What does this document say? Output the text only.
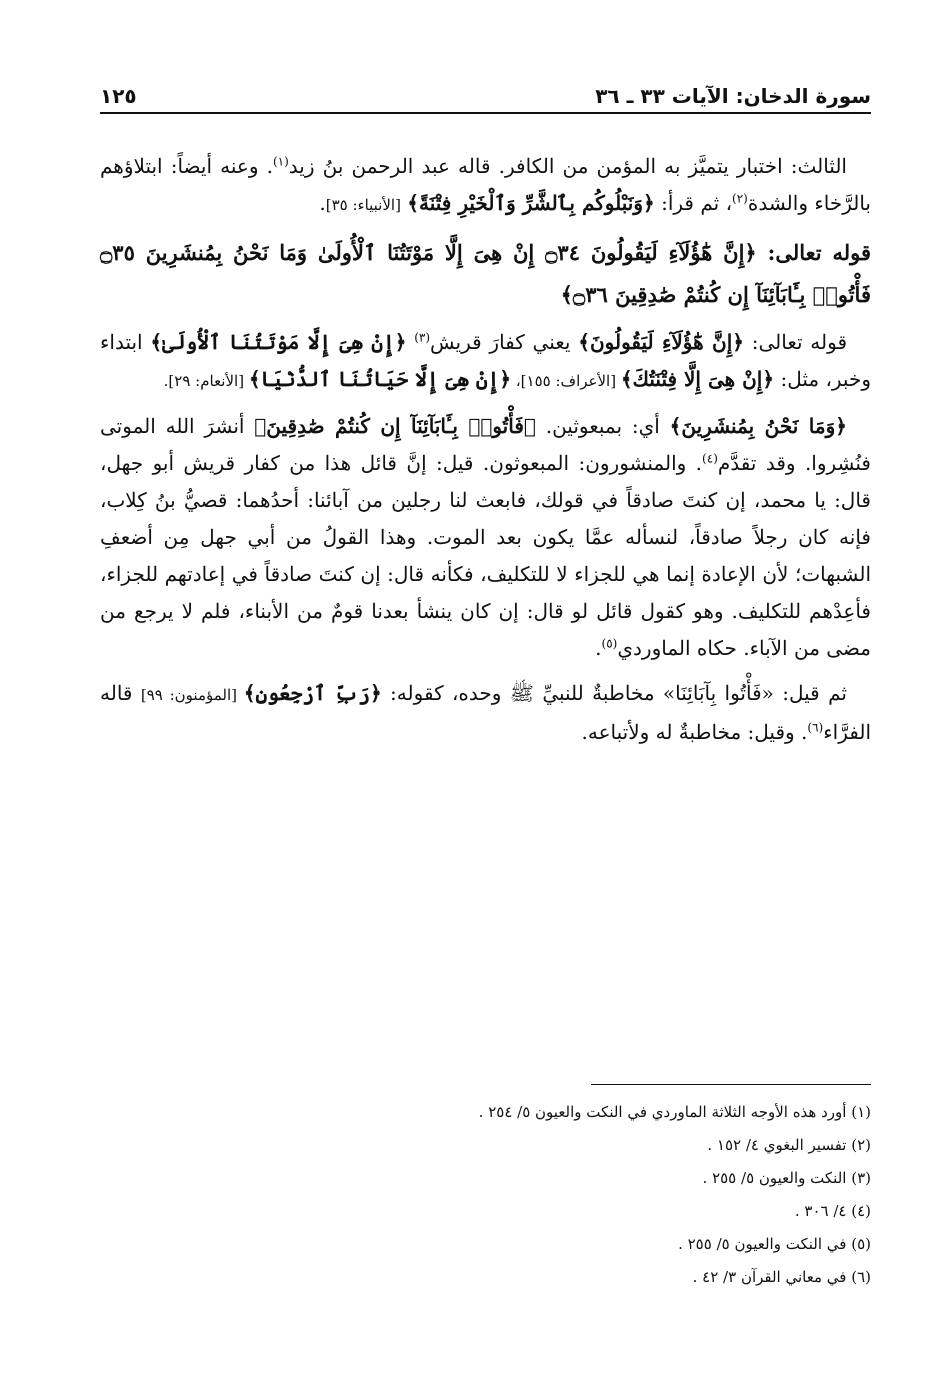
سورة الدخان: الآيات ٣٣ ـ ٣٦
١٢٥

الثالث: اختبار يتميَّز به المؤمن من الكافر. قاله عبد الرحمن بنُ زيد$^{(١)}$. وعنه أيضاً: ابتلاؤهم بالرَّخاء والشدة$^{(٢)}$، ثم قرأ: ﴿وَنَبْلُوكُم بِٱلشَّرِّ وَٱلْخَيْرِ فِتْنَةً﴾ [الأنبياء: ٣٥].

قوله تعالى: ﴿إِنَّ هَٰٓؤُلَآءِ لَيَقُولُونَ ۝٣٤ إِنْ هِىَ إِلَّا مَوْتَتُنَا ٱلْأُولَىٰ وَمَا نَحْنُ بِمُنشَرِينَ ۝٣٥ فَأْتُوا۟ بِـَٔابَآئِنَآ إِن كُنتُمْ صَٰدِقِينَ ۝٣٦﴾

قوله تعالى: ﴿إِنَّ هَٰٓؤُلَآءِ لَيَقُولُونَ﴾ يعني كفارَ قريش$^{(٣)}$ ﴿إِنْ هِىَ إِلَّا مَوْتَتُنَا ٱلْأُولَىٰ﴾ ابتداء وخبر، مثل: ﴿إِنْ هِىَ إِلَّا فِتْنَتُكَ﴾ [الأعراف: ١٥٥]، ﴿إِنْ هِىَ إِلَّا حَيَاتُنَا ٱلدُّنْيَا﴾ [الأنعام: ٢٩].

﴿وَمَا نَحْنُ بِمُنشَرِينَ﴾ أي: بمبعوثين. ﴿فَأْتُوا۟ بِـَٔابَآئِنَآ إِن كُنتُمْ صَٰدِقِينَ﴾ أنشرَ الله الموتى فنُشِروا. وقد تقدَّم$^{(٤)}$. والمنشورون: المبعوثون. قيل: إنَّ قائل هذا من كفار قريش أبو جهل، قال: يا محمد، إن كنتَ صادقاً في قولك، فابعث لنا رجلين من آبائنا: أحدُهما: قصيُّ بنُ كِلاب، فإنه كان رجلاً صادقاً، لنسأله عمَّا يكون بعد الموت. وهذا القولُ من أبي جهل مِن أضعفِ الشبهات؛ لأن الإعادة إنما هي للجزاء لا للتكليف، فكأنه قال: إن كنتَ صادقاً في إعادتهم للجزاء، فأعِدْهم للتكليف. وهو كقول قائل لو قال: إن كان ينشأ بعدنا قومٌ من الأبناء، فلم لا يرجع من مضى من الآباء. حكاه الماوردي$^{(٥)}$.

ثم قيل: «فَأْتُوا بِآبَائِنَا» مخاطبةٌ للنبيِّ ﷺ وحده، كقوله: ﴿رَبِّ ٱرْجِعُونِ﴾ [المؤمنون: ٩٩] قاله الفرَّاء$^{(٦)}$. وقيل: مخاطبةٌ له ولأتباعه.

(١) أورد هذه الأوجه الثلاثة الماوردي في النكت والعيون ٥/ ٢٥٤ .

(٢) تفسير البغوي ٤/ ١٥٢ .

(٣) النكت والعيون ٥/ ٢٥٥ .

(٤) ٤/ ٣٠٦ .

(٥) في النكت والعيون ٥/ ٢٥٥ .

(٦) في معاني القرآن ٣/ ٤٢ .
